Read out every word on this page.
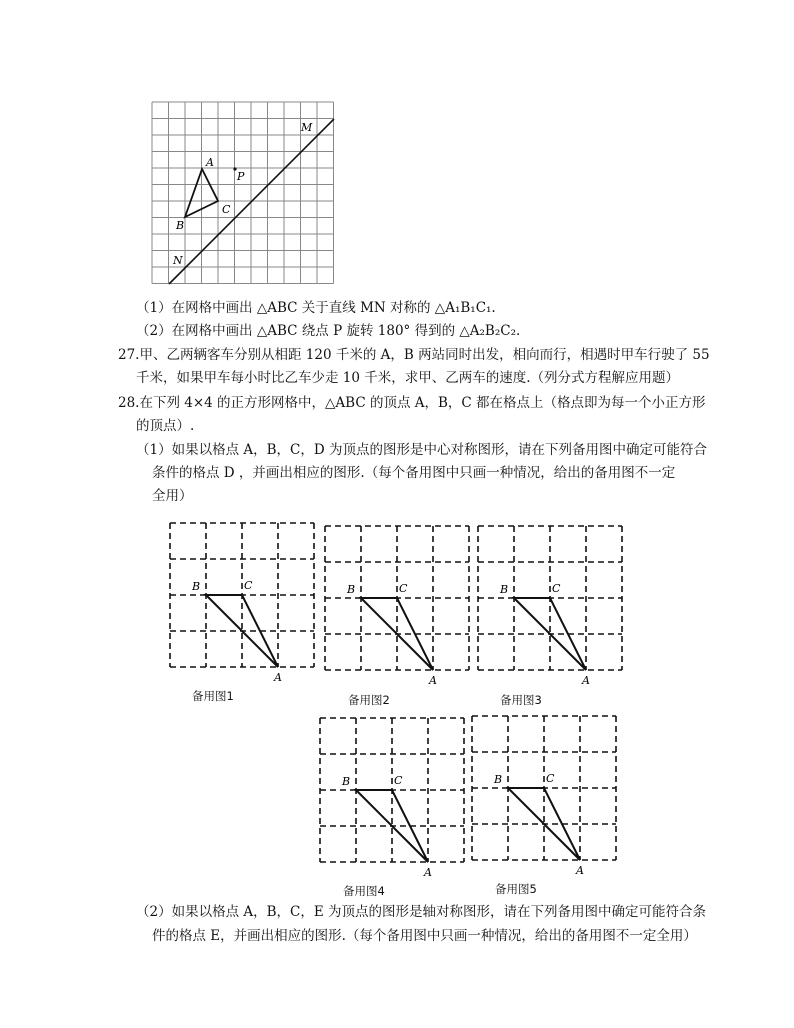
M
A
P
C
B
N
（1）在网格中画出 △ABC 关于直线 MN 对称的 △A₁B₁C₁.
（2）在网格中画出 △ABC 绕点 P 旋转 180° 得到的 △A₂B₂C₂.
27.甲、乙两辆客车分别从相距 120 千米的 A，B 两站同时出发，相向而行，相遇时甲车行驶了 55
千米，如果甲车每小时比乙车少走 10 千米，求甲、乙两车的速度.（列分式方程解应用题）
28.在下列 4×4 的正方形网格中，△ABC 的顶点 A，B，C 都在格点上（格点即为每一个小正方形
的顶点）.
（1）如果以格点 A，B，C，D 为顶点的图形是中心对称图形，请在下列备用图中确定可能符合
条件的格点 D ，并画出相应的图形.（每个备用图中只画一种情况，给出的备用图不一定
全用）
B	C
A
备用图1
B	C
A
备用图2
B	C
A
备用图3
B	C
A
备用图4
B	C
A
备用图5
（2）如果以格点 A，B，C，E 为顶点的图形是轴对称图形，请在下列备用图中确定可能符合条
件的格点 E，并画出相应的图形.（每个备用图中只画一种情况，给出的备用图不一定全用）
